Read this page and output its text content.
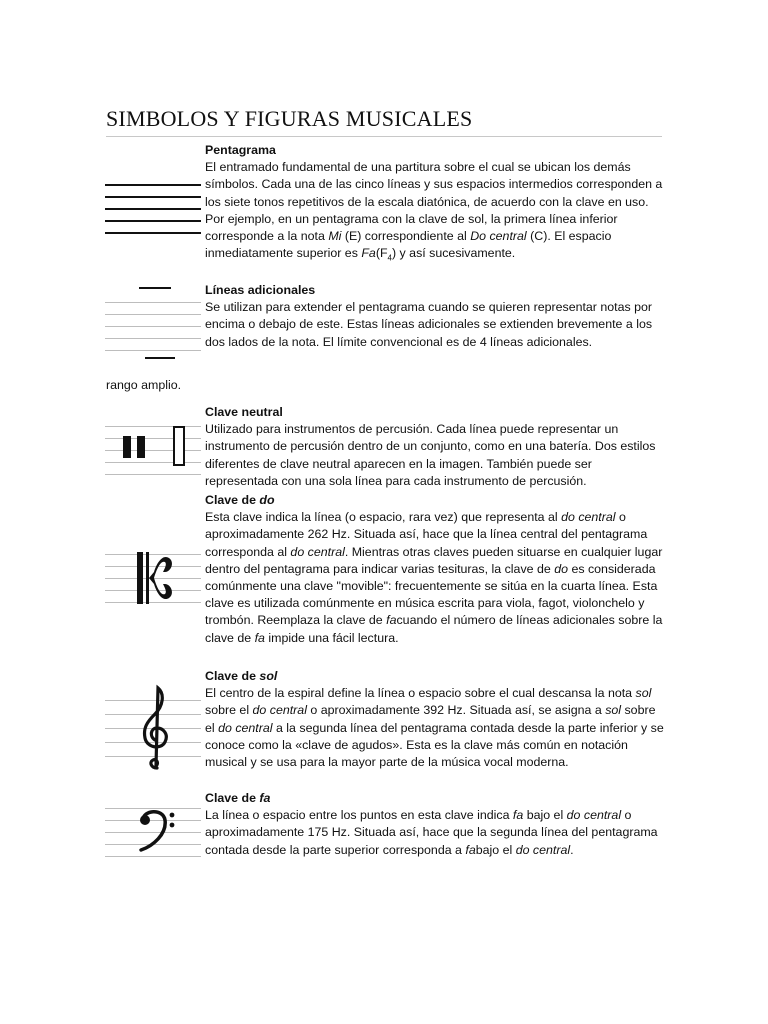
SIMBOLOS Y FIGURAS MUSICALES
Pentagrama
El entramado fundamental de una partitura sobre el cual se ubican los demás símbolos. Cada una de las cinco líneas y sus espacios intermedios corresponden a los siete tonos repetitivos de la escala diatónica, de acuerdo con la clave en uso. Por ejemplo, en un pentagrama con la clave de sol, la primera línea inferior corresponde a la nota Mi (E) correspondiente al Do central (C). El espacio inmediatamente superior es $Fa(F_4)$ y así sucesivamente.
Líneas adicionales
Se utilizan para extender el pentagrama cuando se quieren representar notas por encima o debajo de este. Estas líneas adicionales se extienden brevemente a los dos lados de la nota. El límite convencional es de 4 líneas adicionales.
rango amplio.
Clave neutral
Utilizado para instrumentos de percusión. Cada línea puede representar un instrumento de percusión dentro de un conjunto, como en una batería. Dos estilos diferentes de clave neutral aparecen en la imagen. También puede ser representada con una sola línea para cada instrumento de percusión.
Clave de do
Esta clave indica la línea (o espacio, rara vez) que representa al do central o aproximadamente 262 Hz. Situada así, hace que la línea central del pentagrama corresponda al do central. Mientras otras claves pueden situarse en cualquier lugar dentro del pentagrama para indicar varias tesituras, la clave de do es considerada comúnmente una clave "movible": frecuentemente se sitúa en la cuarta línea. Esta clave es utilizada comúnmente en música escrita para viola, fagot, violonchelo y trombón. Reemplaza la clave de facuando el número de líneas adicionales sobre la clave de fa impide una fácil lectura.
Clave de sol
El centro de la espiral define la línea o espacio sobre el cual descansa la nota sol sobre el do central o aproximadamente 392 Hz. Situada así, se asigna a sol sobre el do central a la segunda línea del pentagrama contada desde la parte inferior y se conoce como la «clave de agudos». Esta es la clave más común en notación musical y se usa para la mayor parte de la música vocal moderna.
Clave de fa
La línea o espacio entre los puntos en esta clave indica fa bajo el do central o aproximadamente 175 Hz. Situada así, hace que la segunda línea del pentagrama contada desde la parte superior corresponda a fabajo el do central.
